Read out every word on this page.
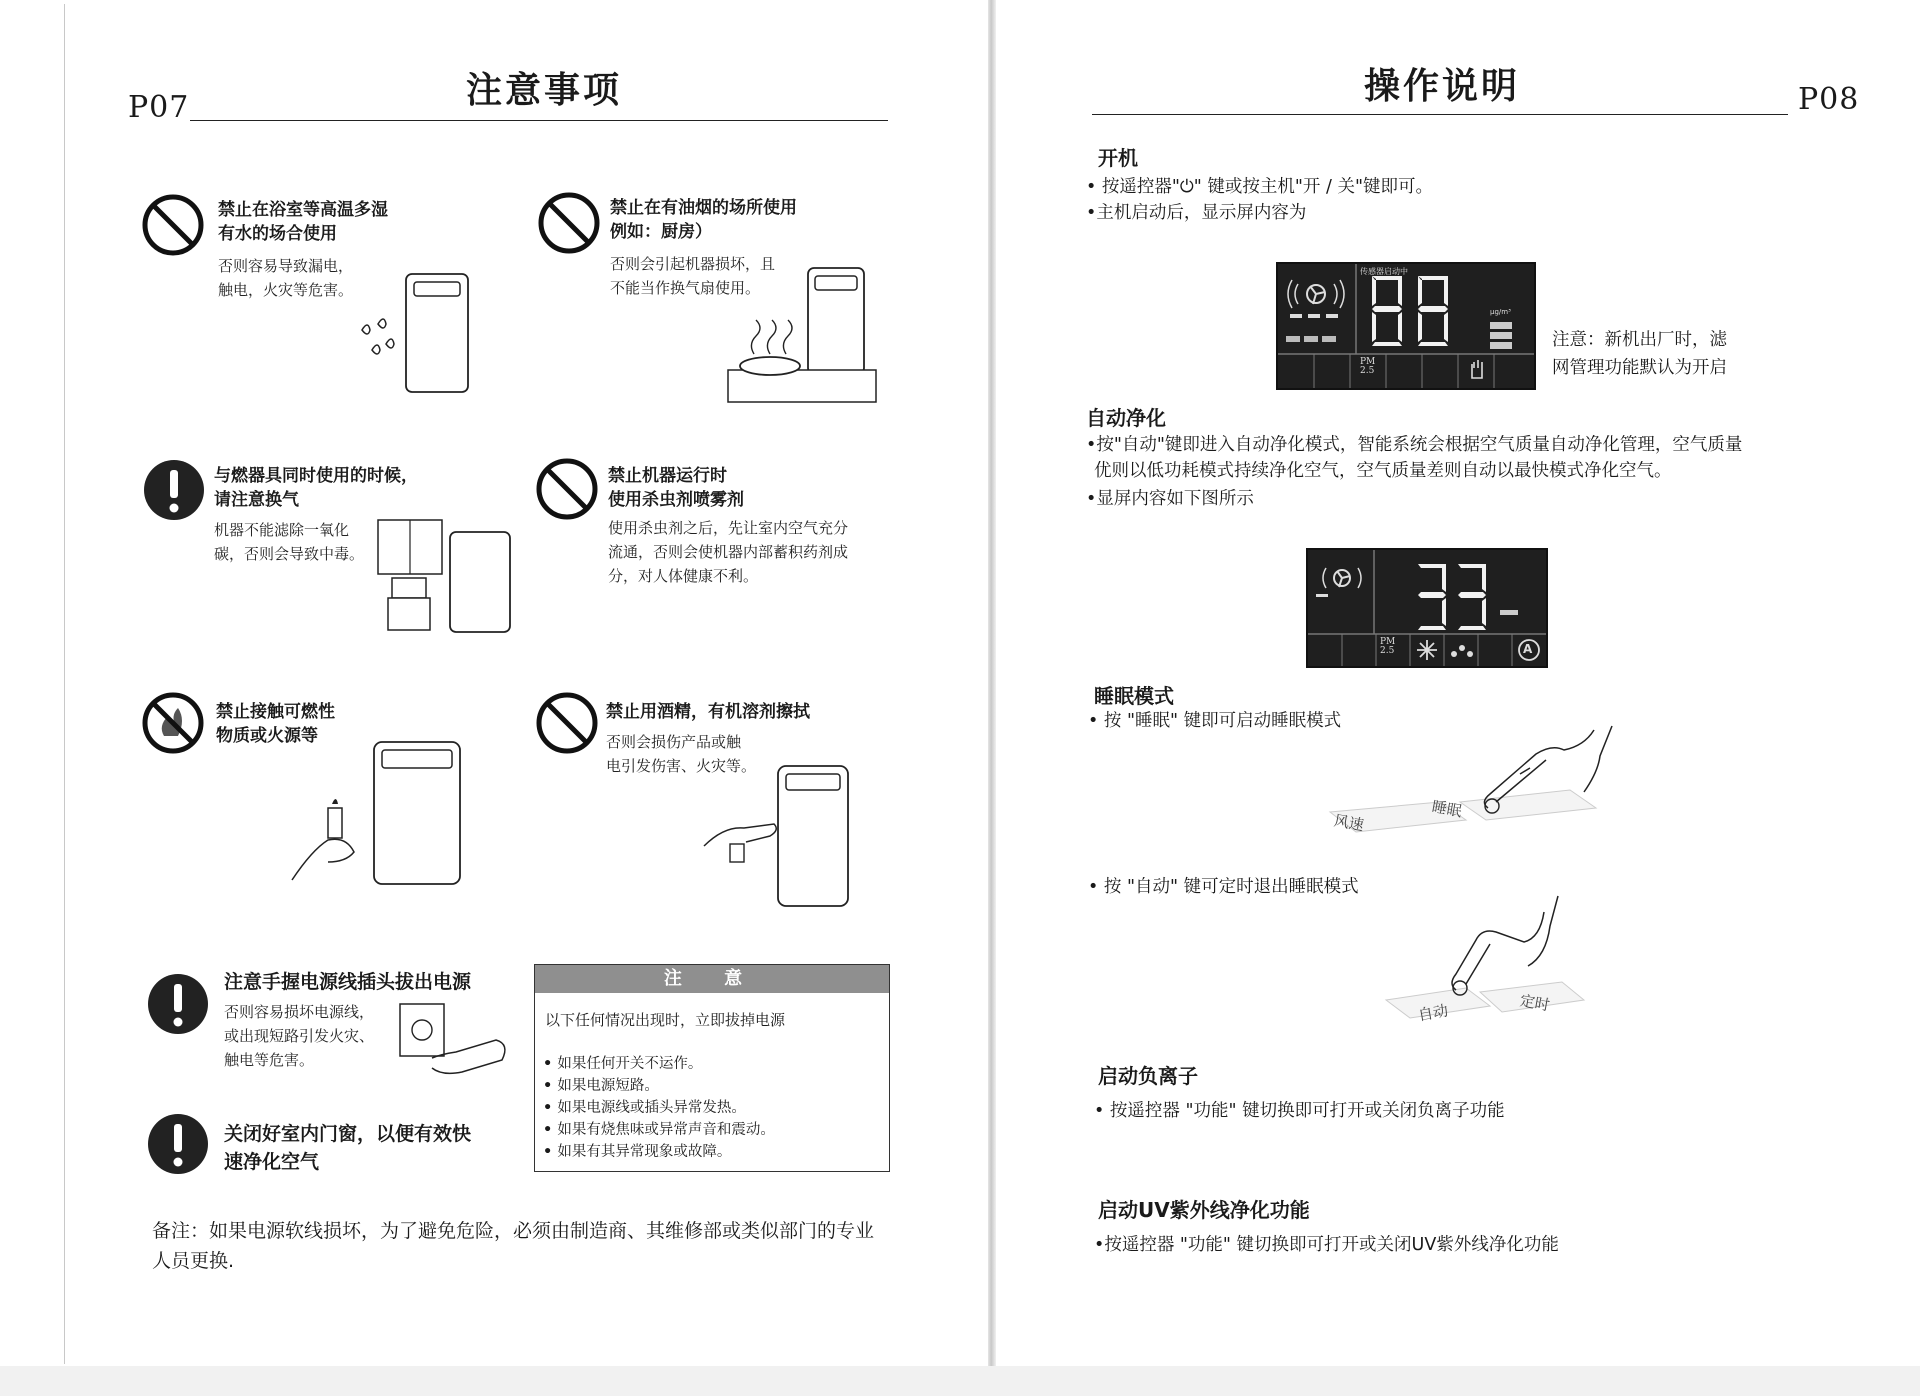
P07	注意事项
禁止在浴室等高温多湿
有水的场合使用
否则容易导致漏电，
触电，火灾等危害。
禁止在有油烟的场所使用
例如：厨房）
否则会引起机器损坏，且
不能当作换气扇使用。
与燃器具同时使用的时候，
请注意换气
机器不能滤除一氧化
碳，否则会导致中毒。
禁止机器运行时
使用杀虫剂喷雾剂
使用杀虫剂之后，先让室内空气充分
流通，否则会使机器内部蓄积药剂成
分，对人体健康不利。
禁止接触可燃性
物质或火源等
禁止用酒精，有机溶剂擦拭
否则会损伤产品或触
电引发伤害、火灾等。
注意手握电源线插头拔出电源
否则容易损坏电源线，
或出现短路引发火灾、
触电等危害。
关闭好室内门窗，以便有效快
速净化空气
注 意
以下任何情况出现时，立即拔掉电源
• 如果任何开关不运作。
• 如果电源短路。
• 如果电源线或插头异常发热。
• 如果有烧焦味或异常声音和震动。
• 如果有其异常现象或故障。
备注：如果电源软线损坏，为了避免危险，必须由制造商、其维修部或类似部门的专业
人员更换.
操作说明	P08
开机
• 按遥控器"⏻" 键或按主机"开 / 关"键即可。
•主机启动后，显示屏内容为
传感器启动中
μg/m³
PM
2.5
注意：新机出厂时，滤
网管理功能默认为开启
自动净化
•按"自动"键即进入自动净化模式，智能系统会根据空气质量自动净化管理，空气质量
优则以低功耗模式持续净化空气，空气质量差则自动以最快模式净化空气。
•显屏内容如下图所示
PM
2.5	A
睡眠模式
• 按 "睡眠" 键即可启动睡眠模式
风速
睡眠
• 按 "自动" 键可定时退出睡眠模式
自动	定时
启动负离子
• 按遥控器 "功能" 键切换即可打开或关闭负离子功能
启动UV紫外线净化功能
•按遥控器 "功能" 键切换即可打开或关闭UV紫外线净化功能
